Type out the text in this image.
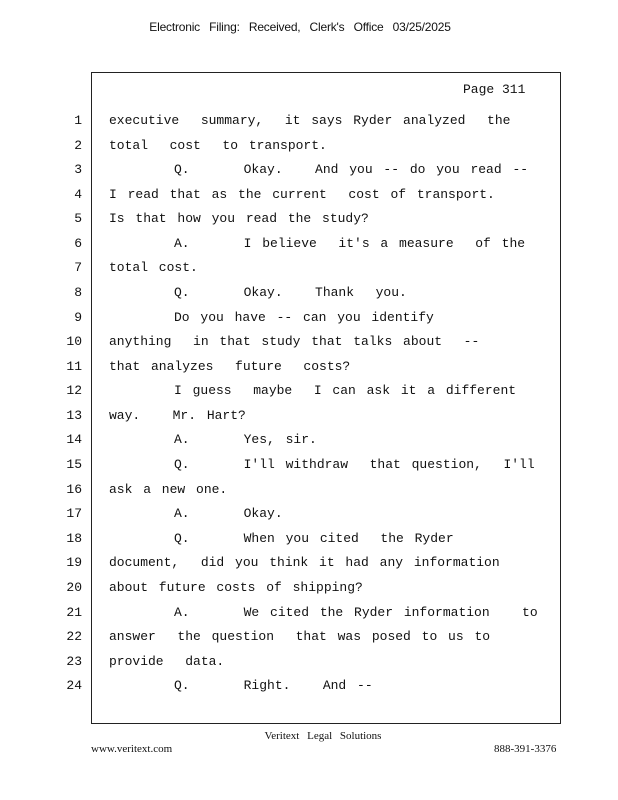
Electronic Filing: Received, Clerk's Office 03/25/2025
Page 311
1 executive  summary,  it says Ryder analyzed  the
2 total  cost  to transport.
3	Q.     Okay.   And you -- do you read --
4 I read that as the current  cost of transport.
5 Is that how you read the study?
6	A.     I believe  it's a measure  of the
7 total cost.
8	Q.     Okay.   Thank  you.
9	Do you have -- can you identify
10 anything  in that study that talks about  --
11 that analyzes  future  costs?
12	I guess  maybe  I can ask it a different
13 way.   Mr. Hart?
14	A.     Yes, sir.
15	Q.     I'll withdraw  that question,  I'll
16 ask a new one.
17	A.     Okay.
18	Q.     When you cited  the Ryder
19 document,  did you think it had any information
20 about future costs of shipping?
21	A.     We cited the Ryder information   to
22 answer  the question  that was posed to us to
23 provide  data.
24	Q.     Right.   And --
Veritext Legal Solutions
www.veritext.com	888-391-3376
